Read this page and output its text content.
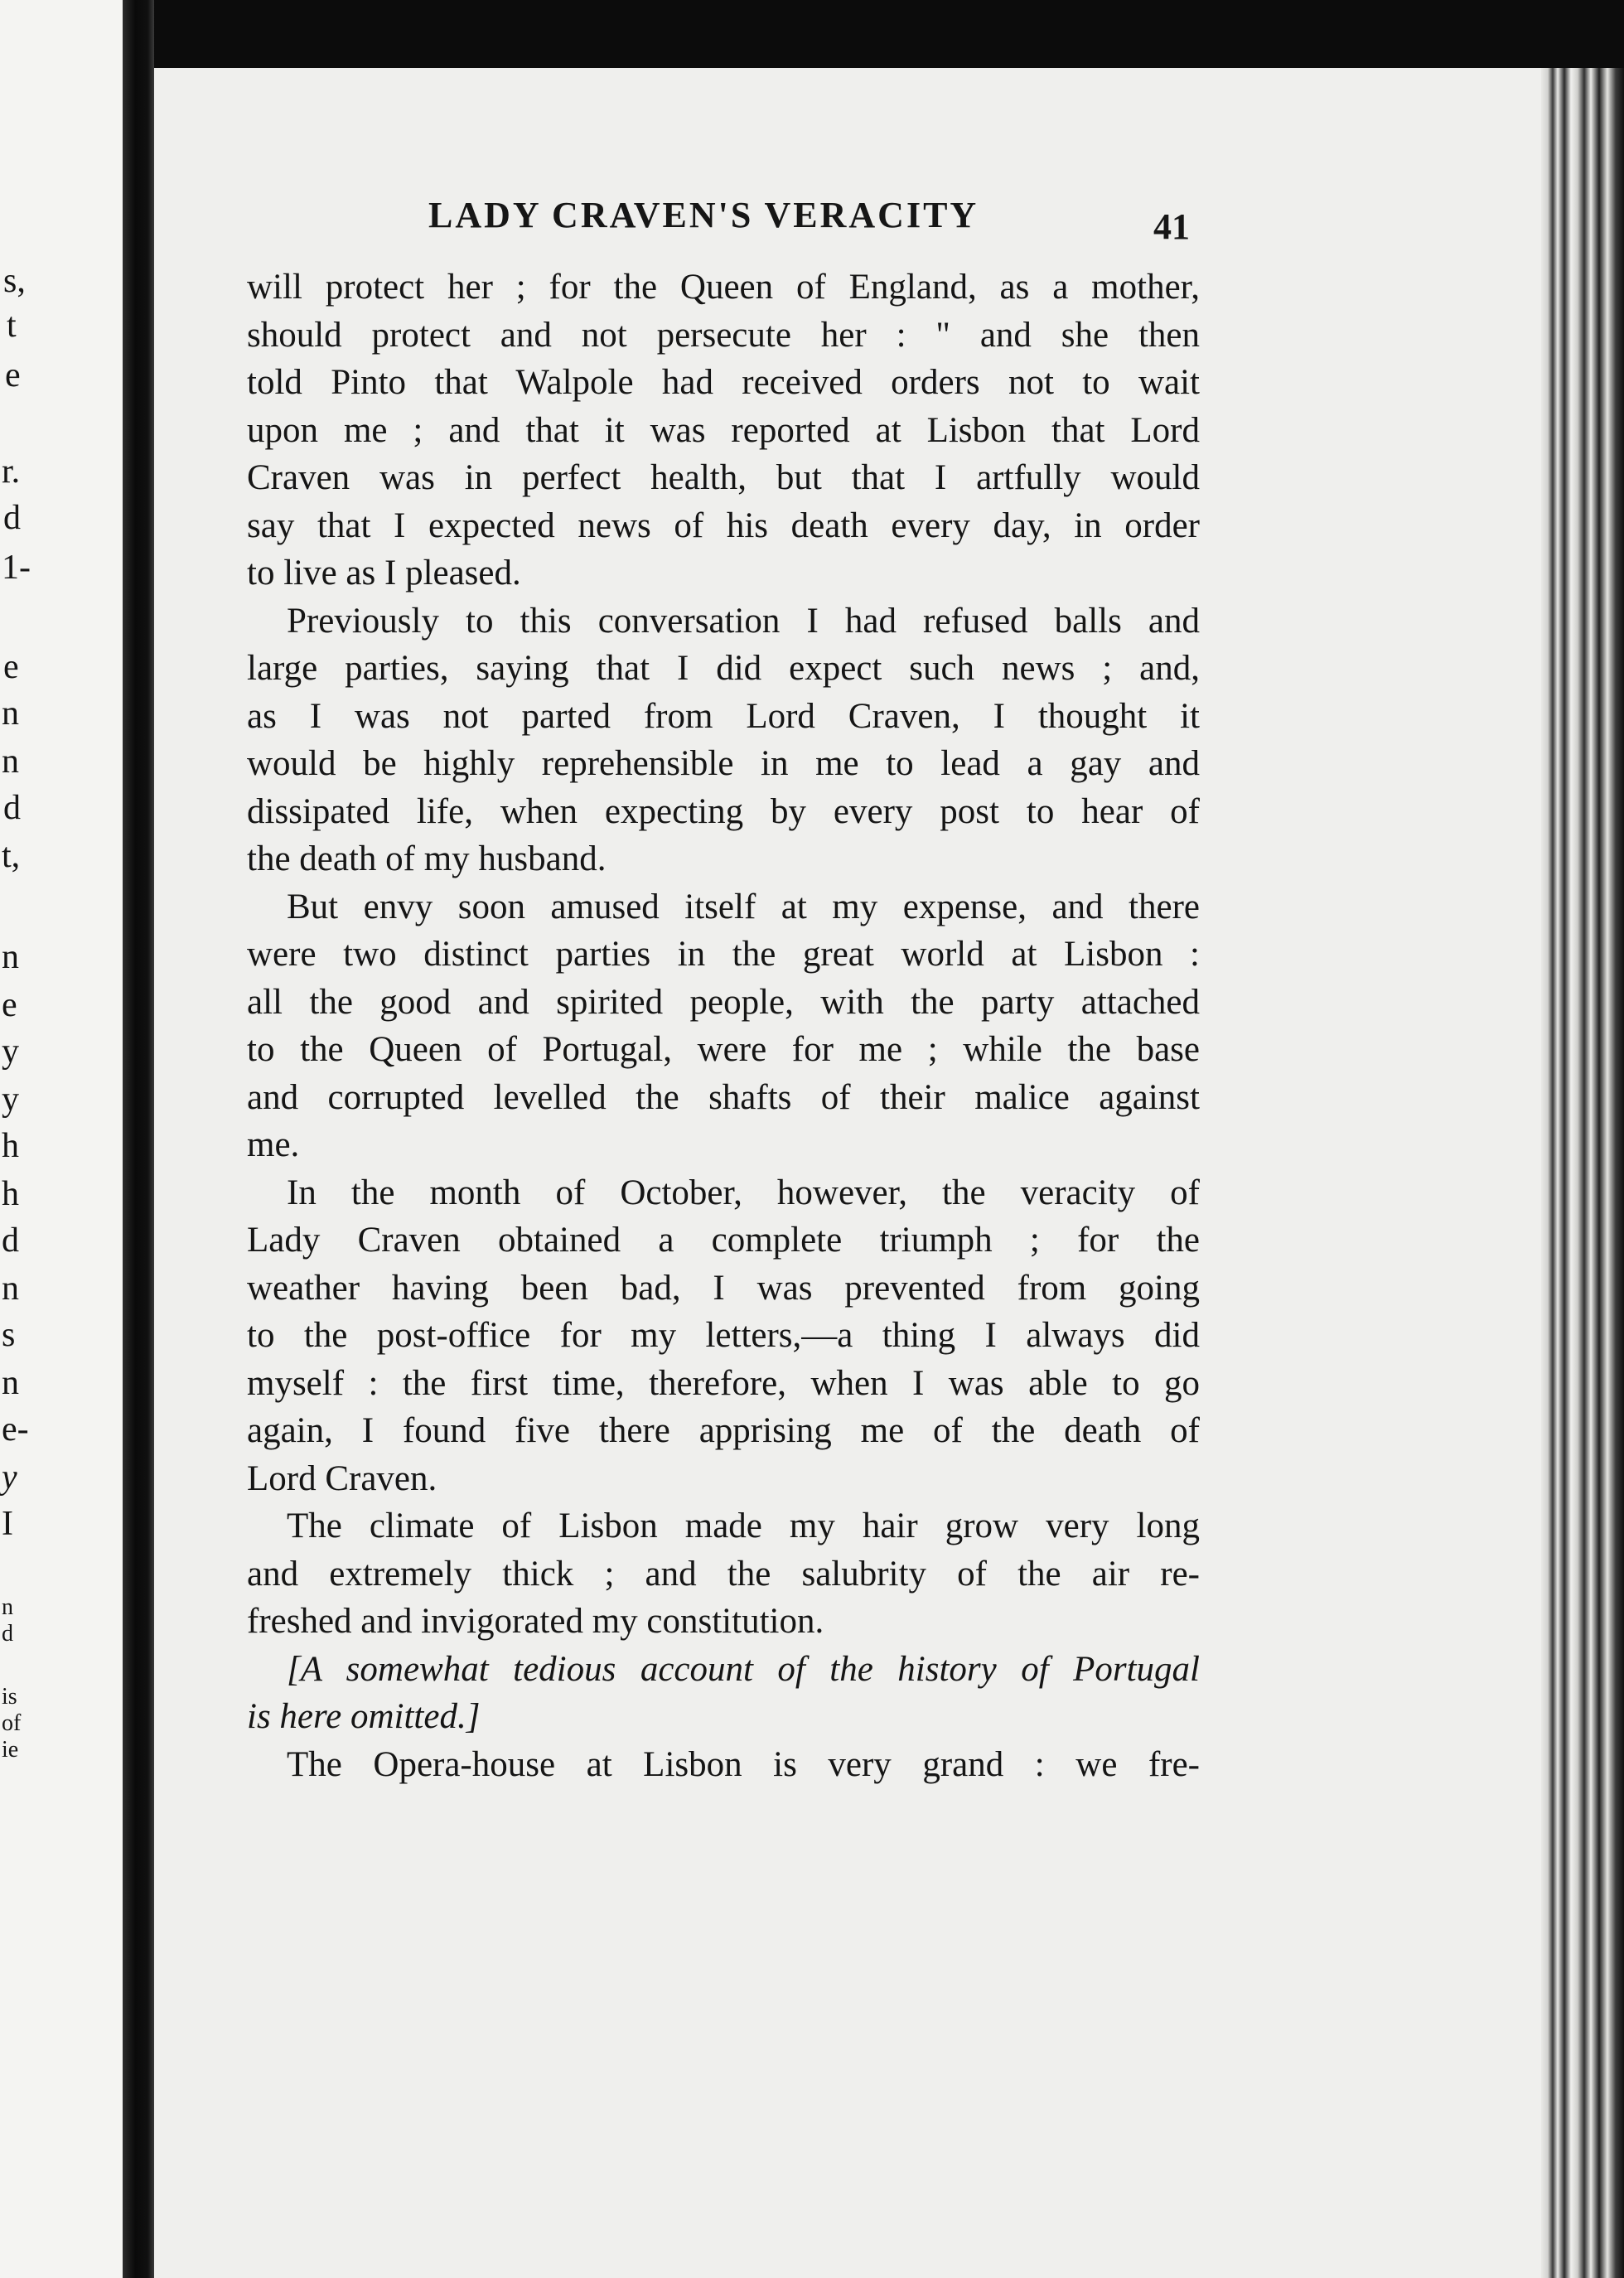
s,
t
e
r.
d
1-
e
n
n
d
t,
n
e
y
y
h
h
d
n
s
n
e-
y
I
n
d
is
of
ie
LADY CRAVEN'S VERACITY	41
will protect her ; for the Queen of England, as a mother,
should protect and not persecute her : " and she then
told Pinto that Walpole had received orders not to wait
upon me ; and that it was reported at Lisbon that Lord
Craven was in perfect health, but that I artfully would
say that I expected news of his death every day, in order
to live as I pleased.
Previously to this conversation I had refused balls and
large parties, saying that I did expect such news ; and,
as I was not parted from Lord Craven, I thought it
would be highly reprehensible in me to lead a gay and
dissipated life, when expecting by every post to hear of
the death of my husband.
But envy soon amused itself at my expense, and there
were two distinct parties in the great world at Lisbon :
all the good and spirited people, with the party attached
to the Queen of Portugal, were for me ; while the base
and corrupted levelled the shafts of their malice against
me.
In the month of October, however, the veracity of
Lady Craven obtained a complete triumph ; for the
weather having been bad, I was prevented from going
to the post-office for my letters,—a thing I always did
myself : the first time, therefore, when I was able to go
again, I found five there apprising me of the death of
Lord Craven.
The climate of Lisbon made my hair grow very long
and extremely thick ; and the salubrity of the air re-
freshed and invigorated my constitution.
[A somewhat tedious account of the history of Portugal
is here omitted.]
The Opera-house at Lisbon is very grand : we fre-
